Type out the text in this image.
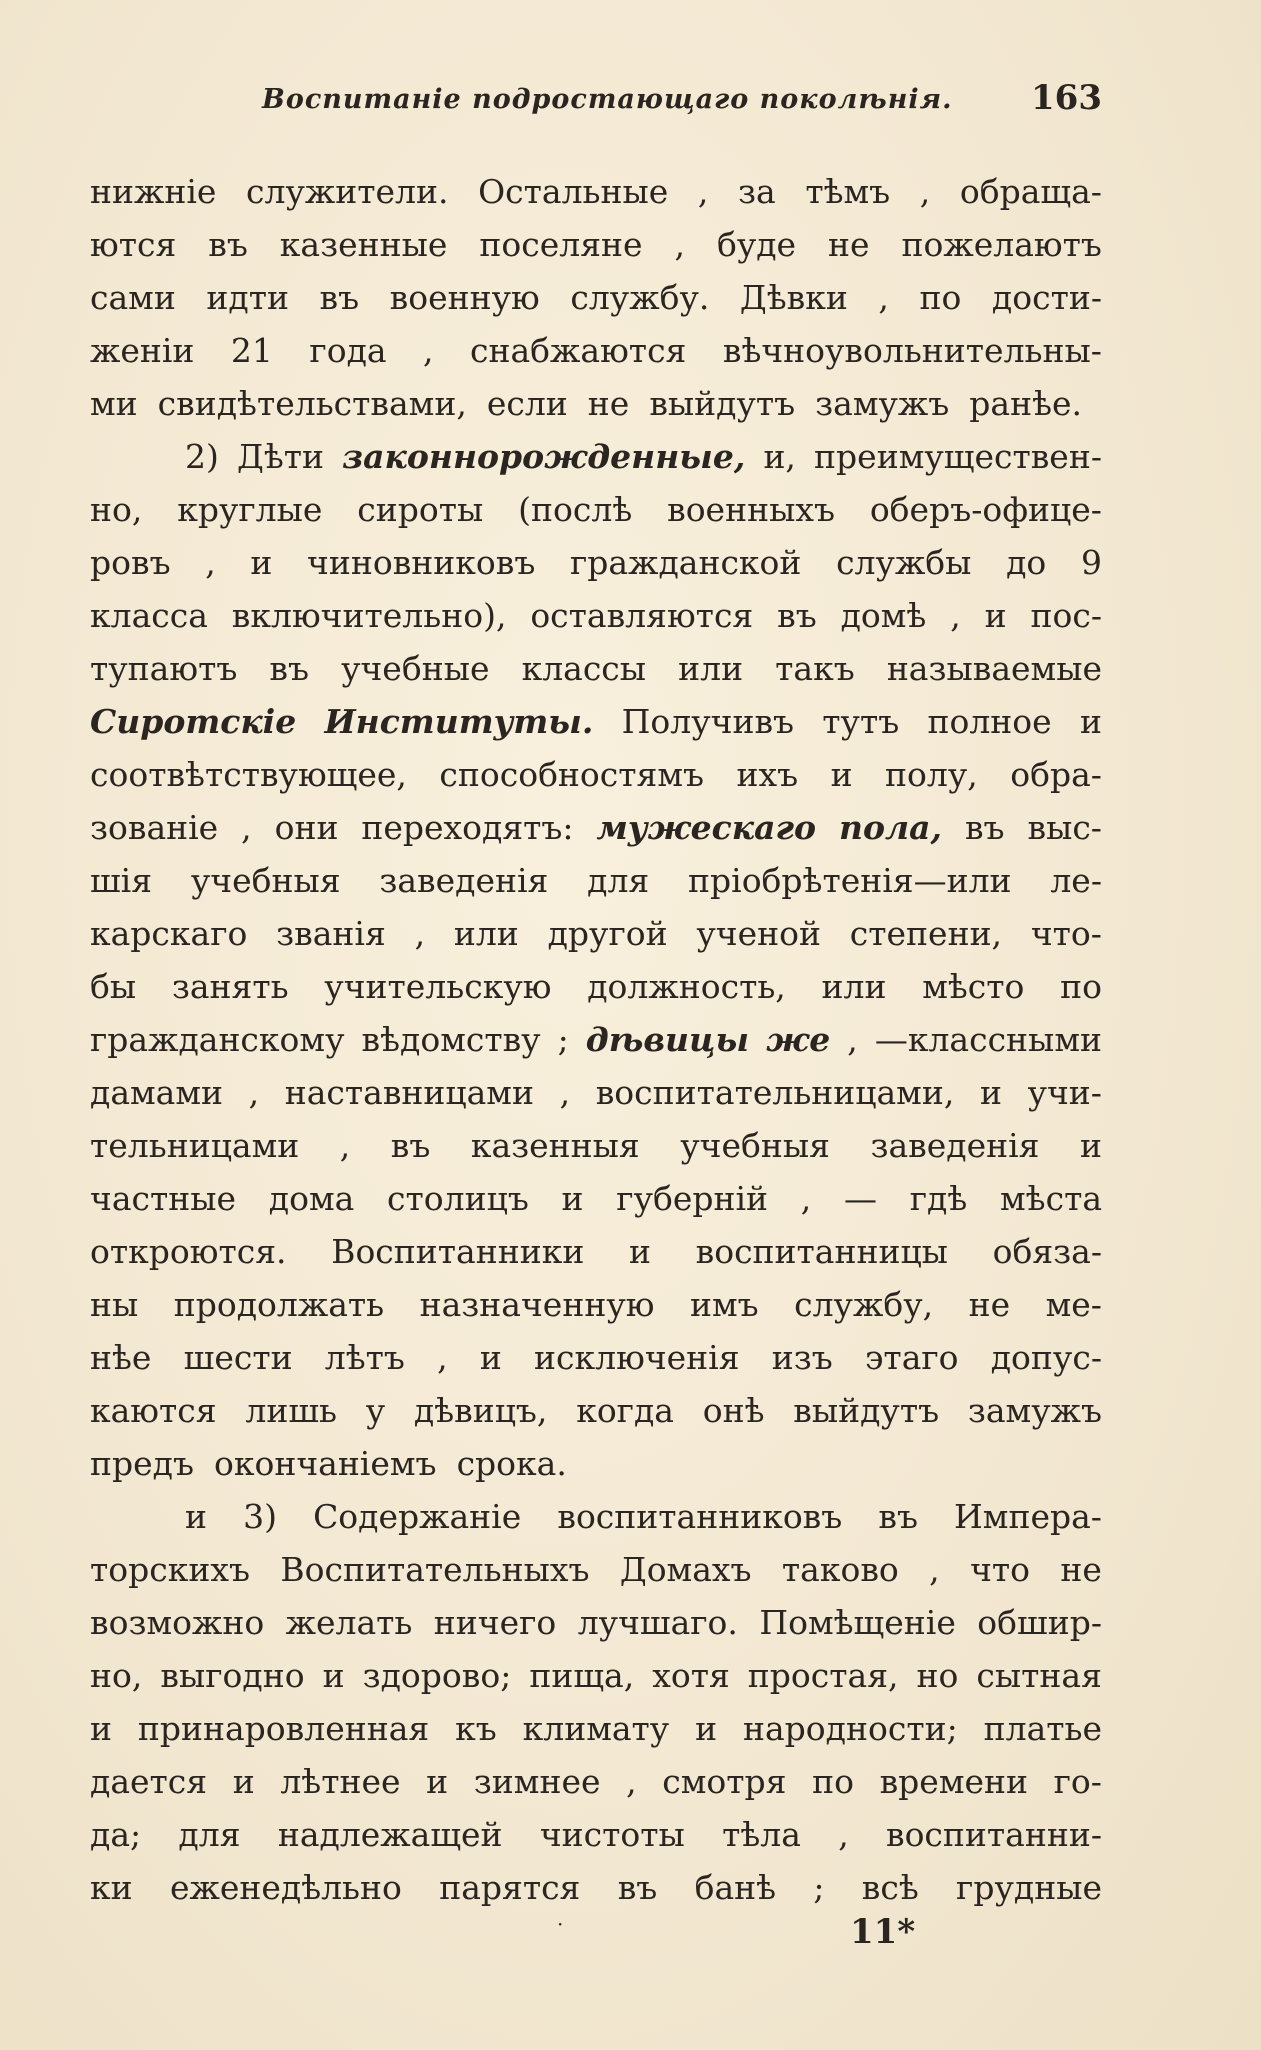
Воспитанiе подростающаго поколѣнiя. 163
нижнiе служители. Остальные , за тѣмъ , обраща-
ются въ казенные поселяне , буде не пожелаютъ
сами идти въ военную службу. Дѣвки , по дости-
женiи 21 года , снабжаются вѣчноувольнительны-
ми свидѣтельствами, если не выйдутъ замужъ ранѣе.
2) Дѣти законнорожденные, и, преимуществен-
но, круглые сироты (послѣ военныхъ оберъ-офице-
ровъ , и чиновниковъ гражданской службы до 9
класса включительно), оставляются въ домѣ , и пос-
тупаютъ въ учебные классы или такъ называемые
Сиротскiе Институты. Получивъ тутъ полное и
соотвѣтствующее, способностямъ ихъ и полу, обра-
зованiе , они переходятъ: мужескаго пола, въ выс-
шiя учебныя заведенiя для прiобрѣтенiя—или ле-
карскаго званiя , или другой ученой степени, что-
бы занять учительскую должность, или мѣсто по
гражданскому вѣдомству ; дѣвицы же , —классными
дамами , наставницами , воспитательницами, и учи-
тельницами , въ казенныя учебныя заведенiя и
частные дома столицъ и губернiй , — гдѣ мѣста
откроются. Воспитанники и воспитанницы обяза-
ны продолжать назначенную имъ службу, не ме-
нѣе шести лѣтъ , и исключенiя изъ этаго допус-
каются лишь у дѣвицъ, когда онѣ выйдутъ замужъ
предъ окончанiемъ срока.
и 3) Содержанiе воспитанниковъ въ Импера-
торскихъ Воспитательныхъ Домахъ таково , что не
возможно желать ничего лучшаго. Помѣщенiе обшир-
но, выгодно и здорово; пища, хотя простая, но сытная
и принаровленная къ климату и народности; платье
дается и лѣтнее и зимнее , смотря по времени го-
да; для надлежащей чистоты тѣла , воспитанни-
ки еженедѣльно парятся въ банѣ ; всѣ грудные
·	11*
